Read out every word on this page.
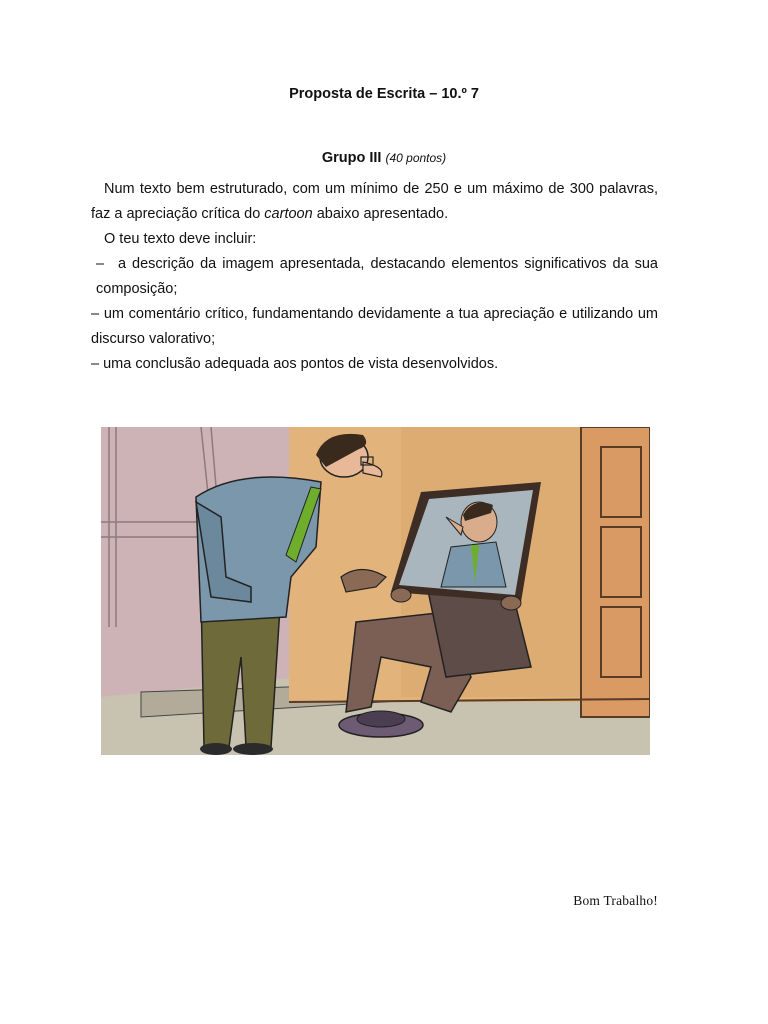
Proposta de Escrita – 10.º 7
Grupo III (40 pontos)

Num texto bem estruturado, com um mínimo de 250 e um máximo de 300 palavras, faz a apreciação crítica do cartoon abaixo apresentado.

O teu texto deve incluir:

– a descrição da imagem apresentada, destacando elementos significativos da sua composição;

– um comentário crítico, fundamentando devidamente a tua apreciação e utilizando um discurso valorativo;

– uma conclusão adequada aos pontos de vista desenvolvidos.

Bom Trabalho!
